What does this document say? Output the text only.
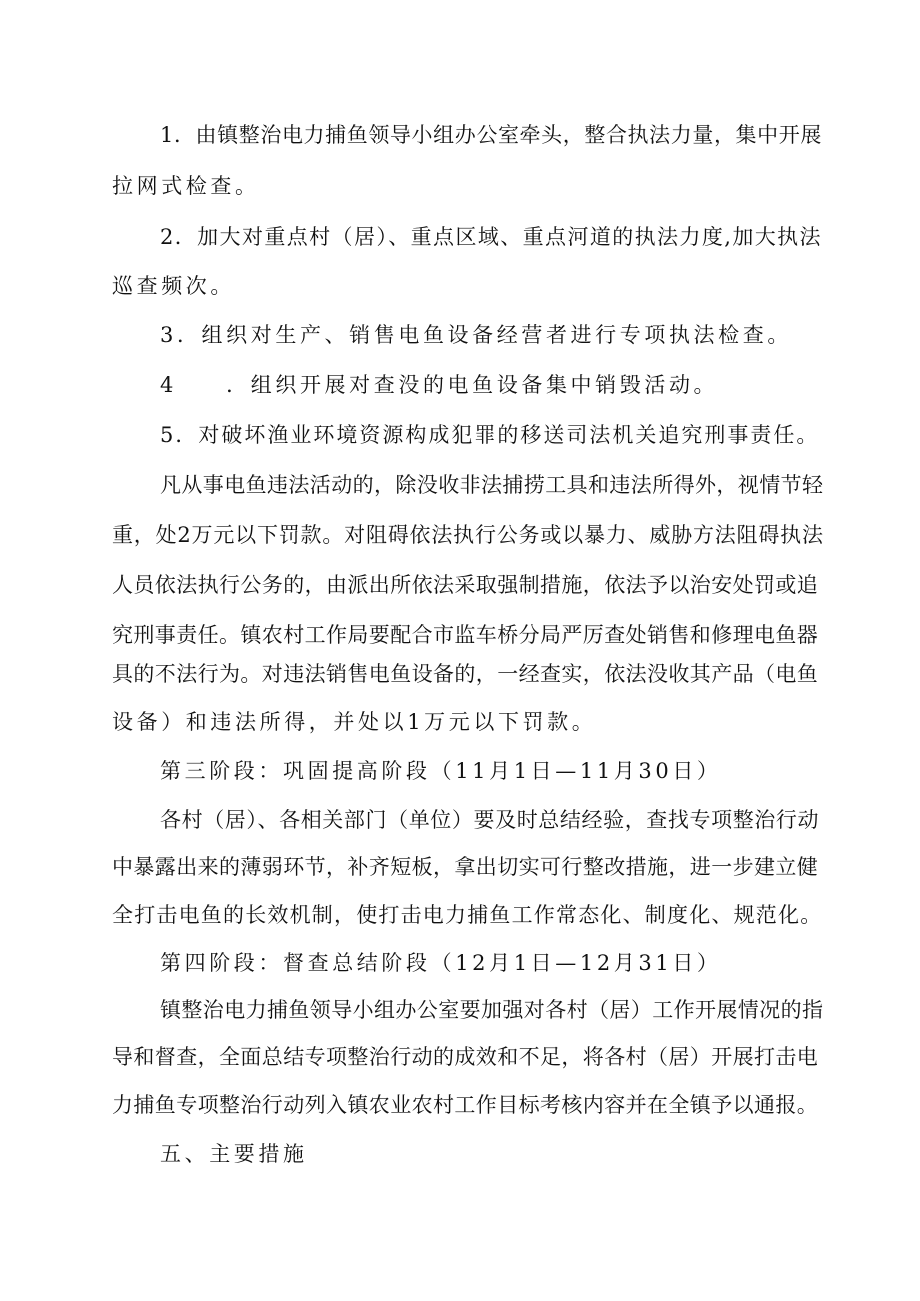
1．由镇整治电力捕鱼领导小组办公室牵头，整合执法力量，集中开展
拉网式检查。
2．加大对重点村（居）、重点区域、重点河道的执法力度,加大执法
巡查频次。
3．组织对生产、销售电鱼设备经营者进行专项执法检查。
4　　．组织开展对查没的电鱼设备集中销毁活动。
5．对破坏渔业环境资源构成犯罪的移送司法机关追究刑事责任。
凡从事电鱼违法活动的，除没收非法捕捞工具和违法所得外，视情节轻
重，处2万元以下罚款。对阻碍依法执行公务或以暴力、威胁方法阻碍执法
人员依法执行公务的，由派出所依法采取强制措施，依法予以治安处罚或追
究刑事责任。镇农村工作局要配合市监车桥分局严厉查处销售和修理电鱼器
具的不法行为。对违法销售电鱼设备的，一经查实，依法没收其产品（电鱼
设备）和违法所得，并处以1万元以下罚款。
第三阶段：巩固提高阶段（11月1日—11月30日）
各村（居）、各相关部门（单位）要及时总结经验，查找专项整治行动
中暴露出来的薄弱环节，补齐短板，拿出切实可行整改措施，进一步建立健
全打击电鱼的长效机制，使打击电力捕鱼工作常态化、制度化、规范化。
第四阶段：督查总结阶段（12月1日—12月31日）
镇整治电力捕鱼领导小组办公室要加强对各村（居）工作开展情况的指
导和督查，全面总结专项整治行动的成效和不足，将各村（居）开展打击电
力捕鱼专项整治行动列入镇农业农村工作目标考核内容并在全镇予以通报。
五、主要措施
